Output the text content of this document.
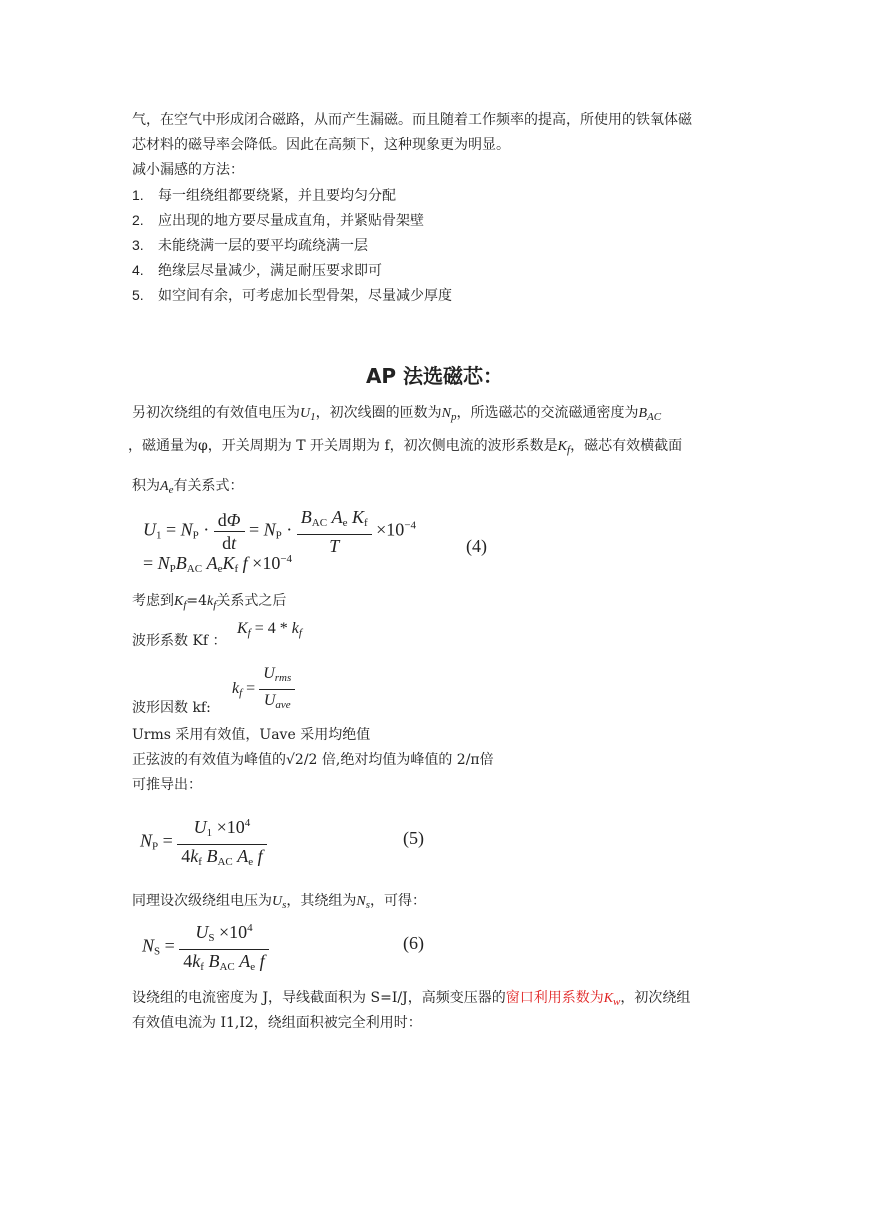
气，在空气中形成闭合磁路，从而产生漏磁。而且随着工作频率的提高，所使用的铁氧体磁
芯材料的磁导率会降低。因此在高频下，这种现象更为明显。
减小漏感的方法：
1. 每一组绕组都要绕紧，并且要均匀分配
2. 应出现的地方要尽量成直角，并紧贴骨架壁
3. 未能绕满一层的要平均疏绕满一层
4. 绝缘层尽量减少，满足耐压要求即可
5. 如空间有余，可考虑加长型骨架，尽量减少厚度
AP 法选磁芯：
另初次绕组的有效值电压为$U_1$，初次线圈的匝数为$N_p$，所选磁芯的交流磁通密度为$B_{AC}$
，磁通量为φ，开关周期为 T 开关周期为 f，初次侧电流的波形系数是$K_f$，磁芯有效横截面
积为$A_e$有关系式：
$U_1 = N_P \cdot \frac{d\Phi}{dt} = N_P \cdot \frac{B_{AC} A_e K_f}{T} \times 10^{-4}$
= $N_PB_{AC}$ $A_eK_f$ $f \times 10^{-4}$
(4)
考虑到$K_f=4k_f$关系式之后
波形系数 Kf ：
$K_f = 4 * k_f$
波形因数 kf:
$k_f = \frac{U_{rms}}{U_{ave}}$
Urms 采用有效值，Uave 采用均绝值
正弦波的有效值为峰值的√2/2 倍,绝对均值为峰值的 2/π倍
可推导出：
$N_P = \frac{U_1 \times 10^4}{4k_f B_{AC} A_e f}$	(5)
同理设次级绕组电压为$U_s$，其绕组为$N_s$，可得：
$N_S = \frac{U_S \times 10^4}{4k_f B_{AC} A_e f}$	(6)
设绕组的电流密度为 J，导线截面积为 S=I/J，高频变压器的窗口利用系数为$K_w$，初次绕组
有效值电流为 I1,I2，绕组面积被完全利用时：
